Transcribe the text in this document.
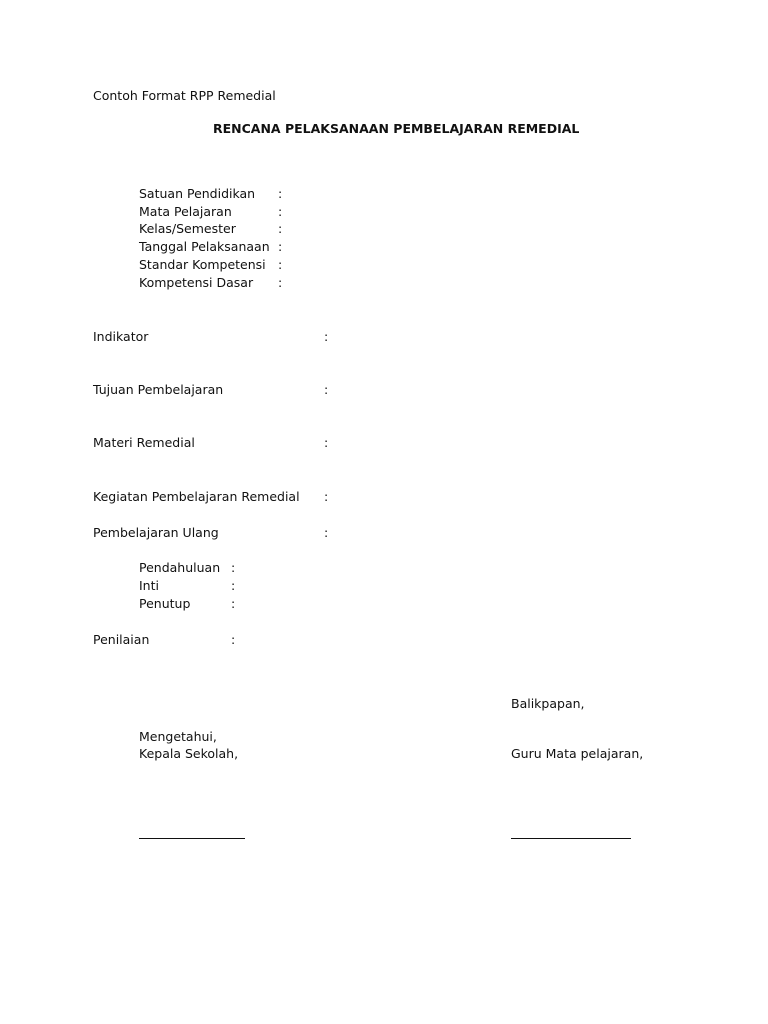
Contoh Format RPP Remedial
RENCANA PELAKSANAAN PEMBELAJARAN REMEDIAL
Satuan Pendidikan :
Mata Pelajaran	:
Kelas/Semester	:
Tanggal Pelaksanaan :
Standar Kompetensi :
Kompetensi Dasar :
Indikator	:
Tujuan Pembelajaran	:
Materi Remedial	:
Kegiatan Pembelajaran Remedial :
Pembelajaran Ulang	:
Pendahuluan :
Inti	:
Penutup	:
Penilaian	:
Balikpapan,
Mengetahui,
Kepala Sekolah,	Guru Mata pelajaran,
